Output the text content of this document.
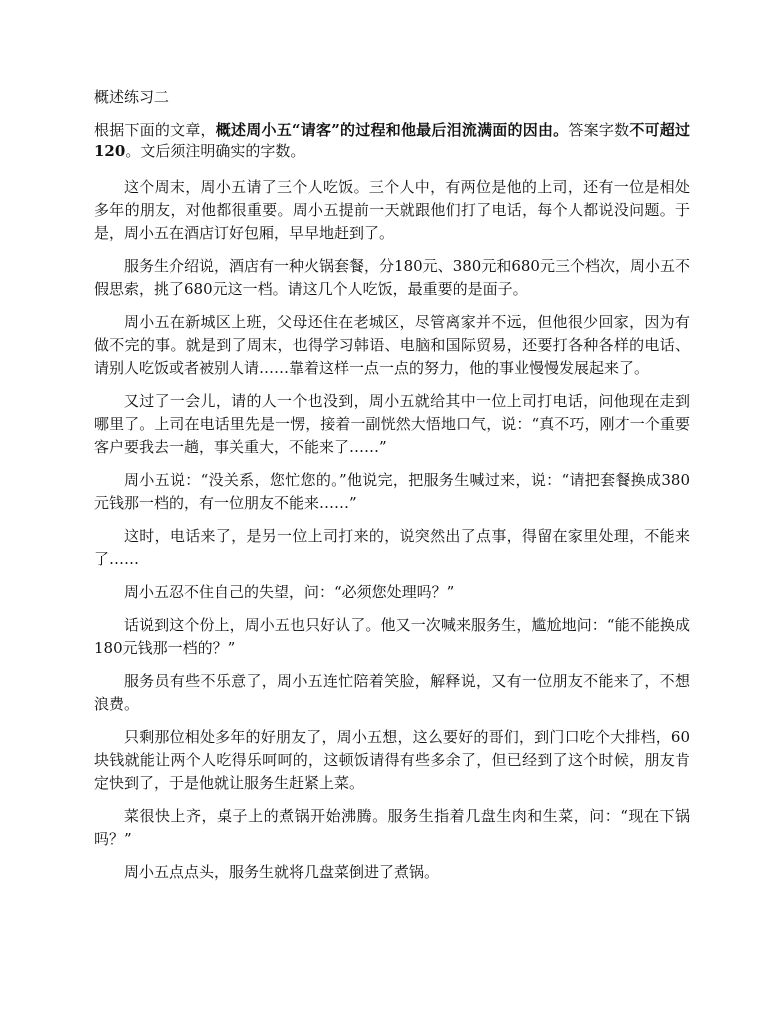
概述练习二
根据下面的文章，概述周小五“请客”的过程和他最后泪流满面的因由。答案字数不可超过120。文后须注明确实的字数。

这个周末，周小五请了三个人吃饭。三个人中，有两位是他的上司，还有一位是相处多年的朋友，对他都很重要。周小五提前一天就跟他们打了电话，每个人都说没问题。于是，周小五在酒店订好包厢，早早地赶到了。

服务生介绍说，酒店有一种火锅套餐，分180元、380元和680元三个档次，周小五不假思索，挑了680元这一档。请这几个人吃饭，最重要的是面子。

周小五在新城区上班，父母还住在老城区，尽管离家并不远，但他很少回家，因为有做不完的事。就是到了周末，也得学习韩语、电脑和国际贸易，还要打各种各样的电话、 请别人吃饭或者被别人请……靠着这样一点一点的努力，他的事业慢慢发展起来了。

又过了一会儿，请的人一个也没到，周小五就给其中一位上司打电话，问他现在走到哪里了。上司在电话里先是一愣，接着一副恍然大悟地口气，说：“真不巧，刚才一个重要客户要我去一趟，事关重大，不能来了……”

周小五说：“没关系，您忙您的。”他说完，把服务生喊过来，说：“请把套餐换成380元钱那一档的，有一位朋友不能来……”

这时，电话来了，是另一位上司打来的，说突然出了点事，得留在家里处理，不能来了……

周小五忍不住自己的失望，问：“必须您处理吗？”

话说到这个份上，周小五也只好认了。他又一次喊来服务生，尴尬地问：“能不能换成180元钱那一档的？”

服务员有些不乐意了，周小五连忙陪着笑脸，解释说，又有一位朋友不能来了，不想浪费。

只剩那位相处多年的好朋友了，周小五想，这么要好的哥们，到门口吃个大排档，60块钱就能让两个人吃得乐呵呵的，这顿饭请得有些多余了，但已经到了这个时候，朋友肯定快到了，于是他就让服务生赶紧上菜。

菜很快上齐，桌子上的煮锅开始沸腾。服务生指着几盘生肉和生菜，问：“现在下锅吗？”

周小五点点头，服务生就将几盘菜倒进了煮锅。
